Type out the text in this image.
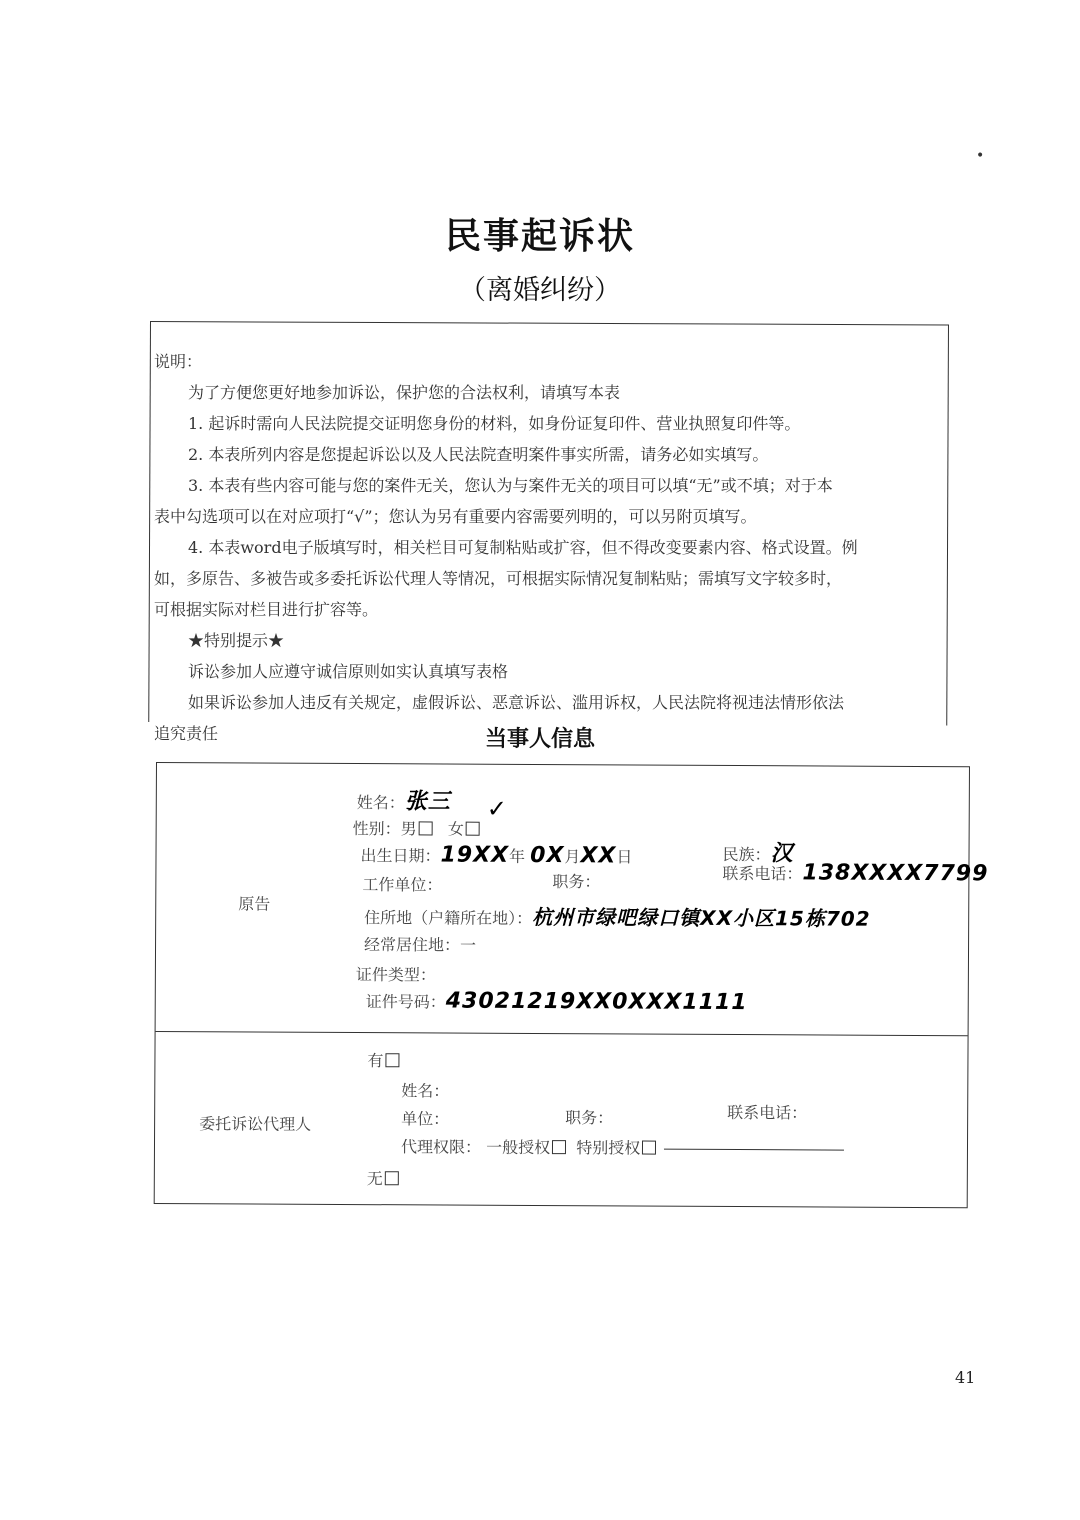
•
民事起诉状
（离婚纠纷）

说明：

为了方便您更好地参加诉讼，保护您的合法权利，请填写本表

1. 起诉时需向人民法院提交证明您身份的材料，如身份证复印件、营业执照复印件等。

2. 本表所列内容是您提起诉讼以及人民法院查明案件事实所需，请务必如实填写。

3. 本表有些内容可能与您的案件无关，您认为与案件无关的项目可以填“无”或不填；对于本

表中勾选项可以在对应项打“√”；您认为另有重要内容需要列明的，可以另附页填写。

4. 本表word电子版填写时，相关栏目可复制粘贴或扩容，但不得改变要素内容、格式设置。例

如，多原告、多被告或多委托诉讼代理人等情况，可根据实际情况复制粘贴；需填写文字较多时，

可根据实际对栏目进行扩容等。

★特别提示★

诉讼参加人应遵守诚信原则如实认真填写表格

如果诉讼参加人违反有关规定，虚假诉讼、恶意诉讼、滥用诉权，人民法院将视违法情形依法

追究责任	当事人信息
原告
姓名：张三
性别：男 女
✓
出生日期：19XX年 0X月XX日	民族：汉
工作单位：	职务：	联系电话：138XXXX7799
住所地（户籍所在地）：杭州市绿吧绿口镇XX小区15栋702
经常居住地：一
证件类型：
证件号码：43021219XX0XXX1111
委托诉讼代理人
有
姓名：
单位：	职务：	联系电话：
代理权限： 一般授权 特别授权
无
41
